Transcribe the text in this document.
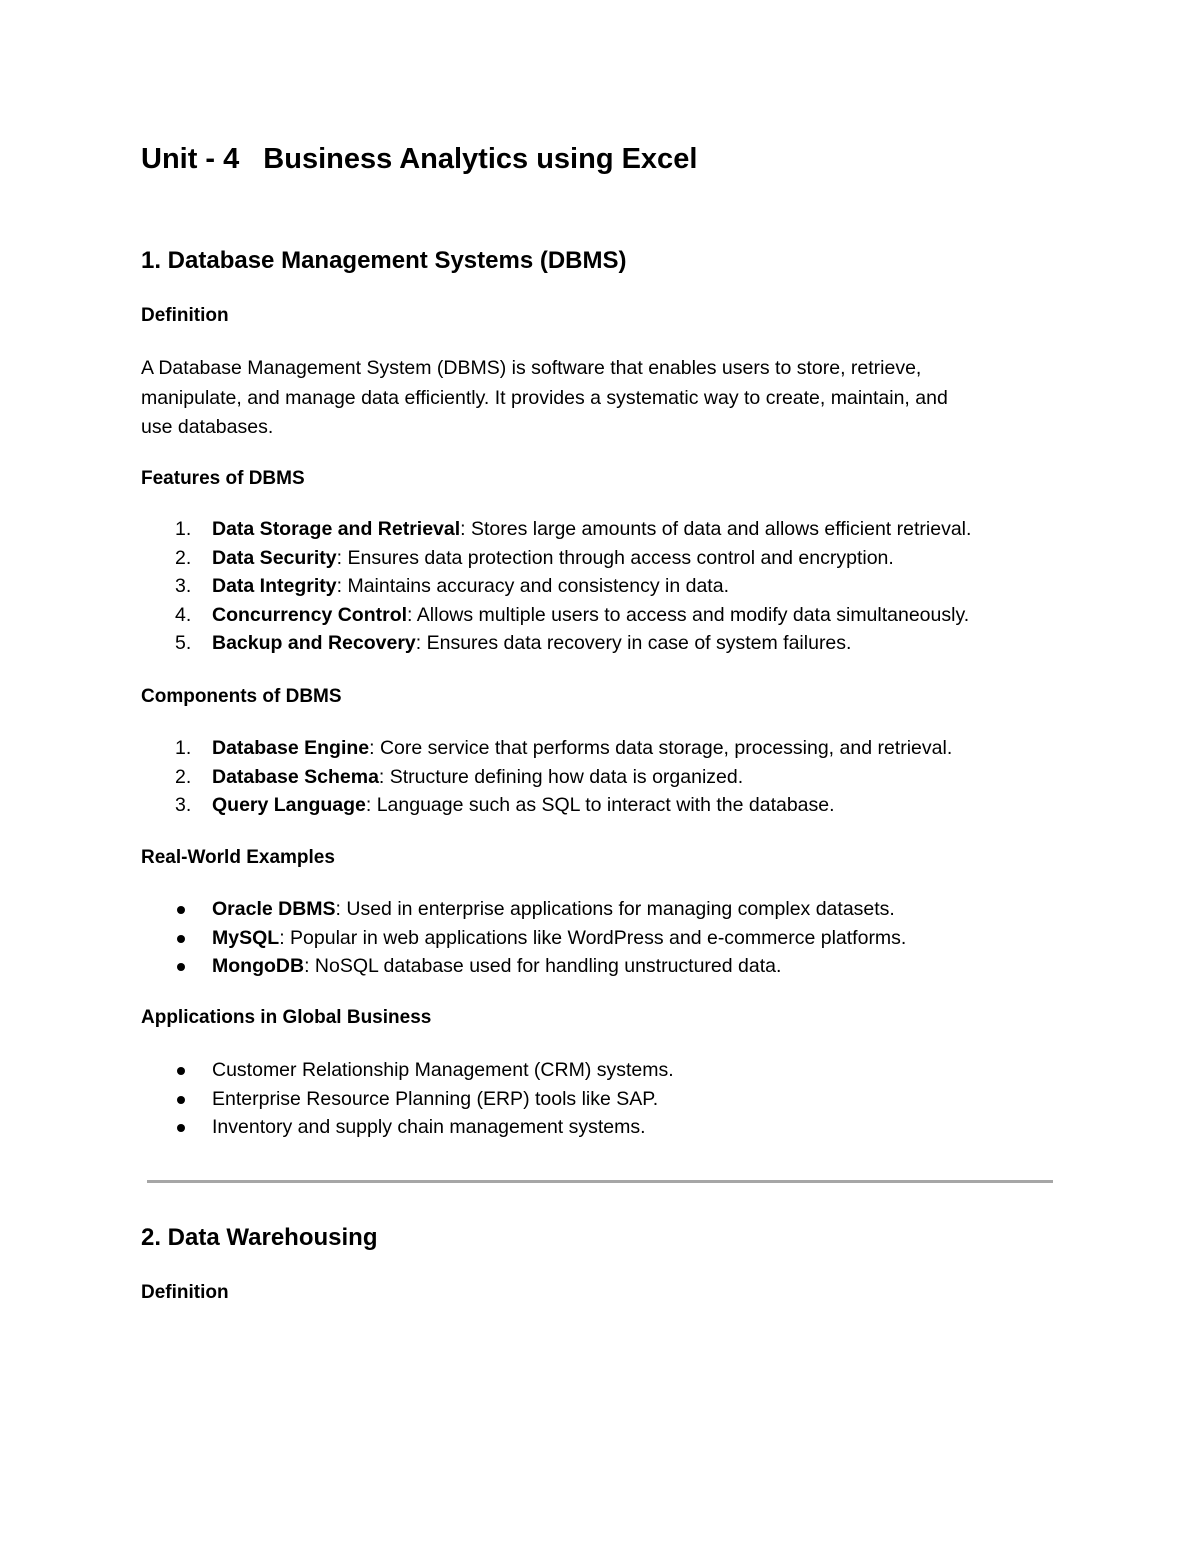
Unit - 4 Business Analytics using Excel
1. Database Management Systems (DBMS)
Definition
A Database Management System (DBMS) is software that enables users to store, retrieve,
manipulate, and manage data efficiently. It provides a systematic way to create, maintain, and
use databases.
Features of DBMS
1. Data Storage and Retrieval: Stores large amounts of data and allows efficient retrieval.
2. Data Security: Ensures data protection through access control and encryption.
3. Data Integrity: Maintains accuracy and consistency in data.
4. Concurrency Control: Allows multiple users to access and modify data simultaneously.
5. Backup and Recovery: Ensures data recovery in case of system failures.
Components of DBMS
1. Database Engine: Core service that performs data storage, processing, and retrieval.
2. Database Schema: Structure defining how data is organized.
3. Query Language: Language such as SQL to interact with the database.
Real-World Examples
Oracle DBMS: Used in enterprise applications for managing complex datasets.
MySQL: Popular in web applications like WordPress and e-commerce platforms.
MongoDB: NoSQL database used for handling unstructured data.
Applications in Global Business
Customer Relationship Management (CRM) systems.
Enterprise Resource Planning (ERP) tools like SAP.
Inventory and supply chain management systems.
2. Data Warehousing
Definition
